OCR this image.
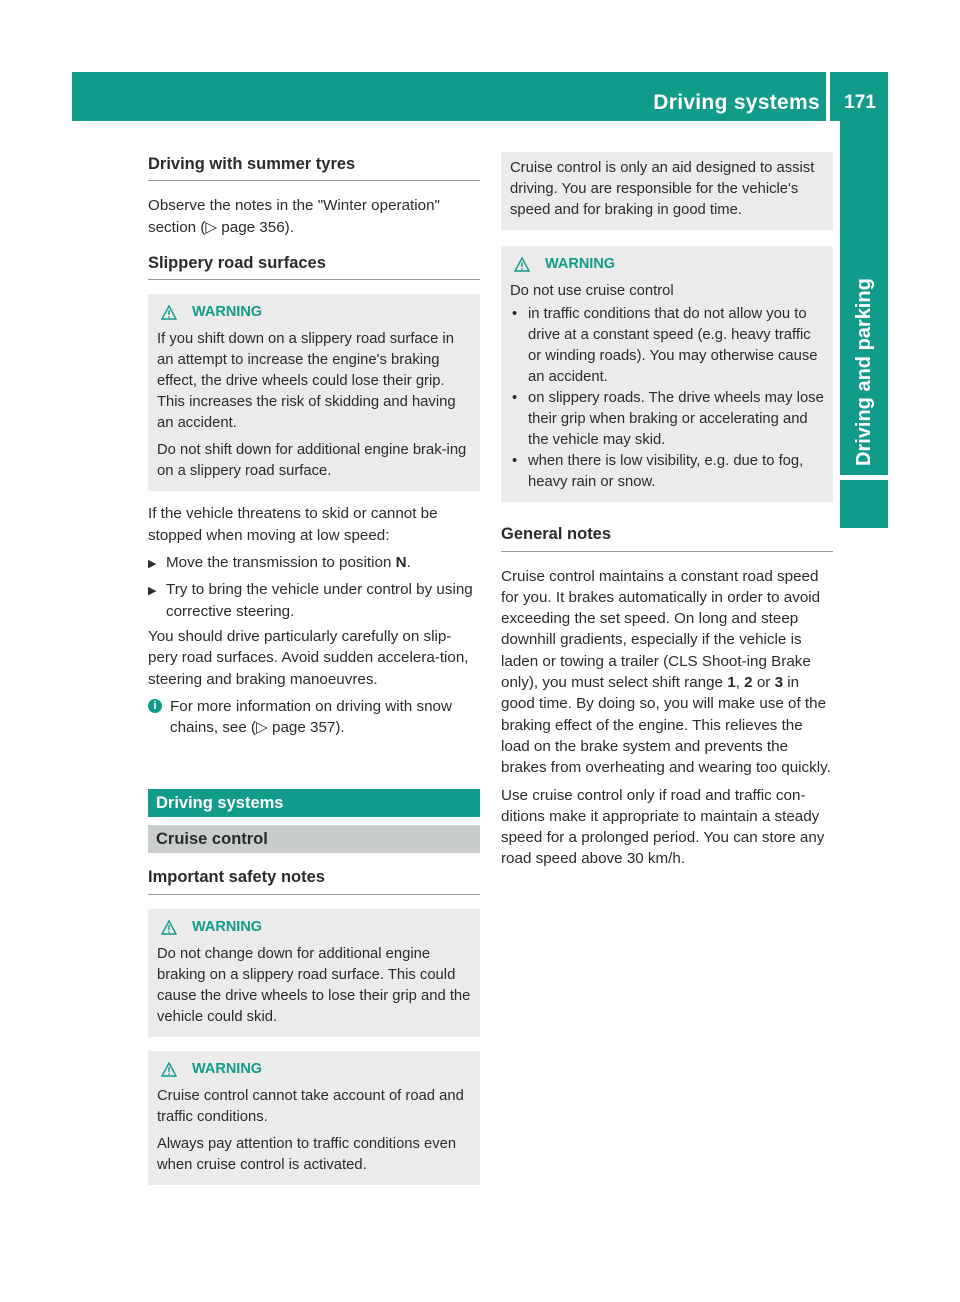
Driving systems	171
Driving and parking
Driving with summer tyres

Observe the notes in the "Winter operation" section (▷ page 356).

Slippery road surfaces
WARNING

If you shift down on a slippery road surface in an attempt to increase the engine's braking effect, the drive wheels could lose their grip. This increases the risk of skidding and having an accident.

Do not shift down for additional engine brak-ing on a slippery road surface.

If the vehicle threatens to skid or cannot be stopped when moving at low speed:

▶ Move the transmission to position N.
▶ Try to bring the vehicle under control by using corrective steering.

You should drive particularly carefully on slip-pery road surfaces. Avoid sudden accelera-tion, steering and braking manoeuvres.

i For more information on driving with snow chains, see (▷ page 357).
Driving systems
Cruise control
Important safety notes
WARNING

Do not change down for additional engine braking on a slippery road surface. This could cause the drive wheels to lose their grip and the vehicle could skid.

WARNING

Cruise control cannot take account of road and traffic conditions.

Always pay attention to traffic conditions even when cruise control is activated.

Cruise control is only an aid designed to assist driving. You are responsible for the vehicle's speed and for braking in good time.

WARNING

Do not use cruise control

• in traffic conditions that do not allow you to drive at a constant speed (e.g. heavy traffic or winding roads). You may otherwise cause an accident.
• on slippery roads. The drive wheels may lose their grip when braking or accelerating and the vehicle may skid.
• when there is low visibility, e.g. due to fog, heavy rain or snow.
General notes

Cruise control maintains a constant road speed for you. It brakes automatically in order to avoid exceeding the set speed. On long and steep downhill gradients, especially if the vehicle is laden or towing a trailer (CLS Shoot-ing Brake only), you must select shift range 1, 2 or 3 in good time. By doing so, you will make use of the braking effect of the engine. This relieves the load on the brake system and prevents the brakes from overheating and wearing too quickly.

Use cruise control only if road and traffic con-ditions make it appropriate to maintain a steady speed for a prolonged period. You can store any road speed above 30 km/h.
